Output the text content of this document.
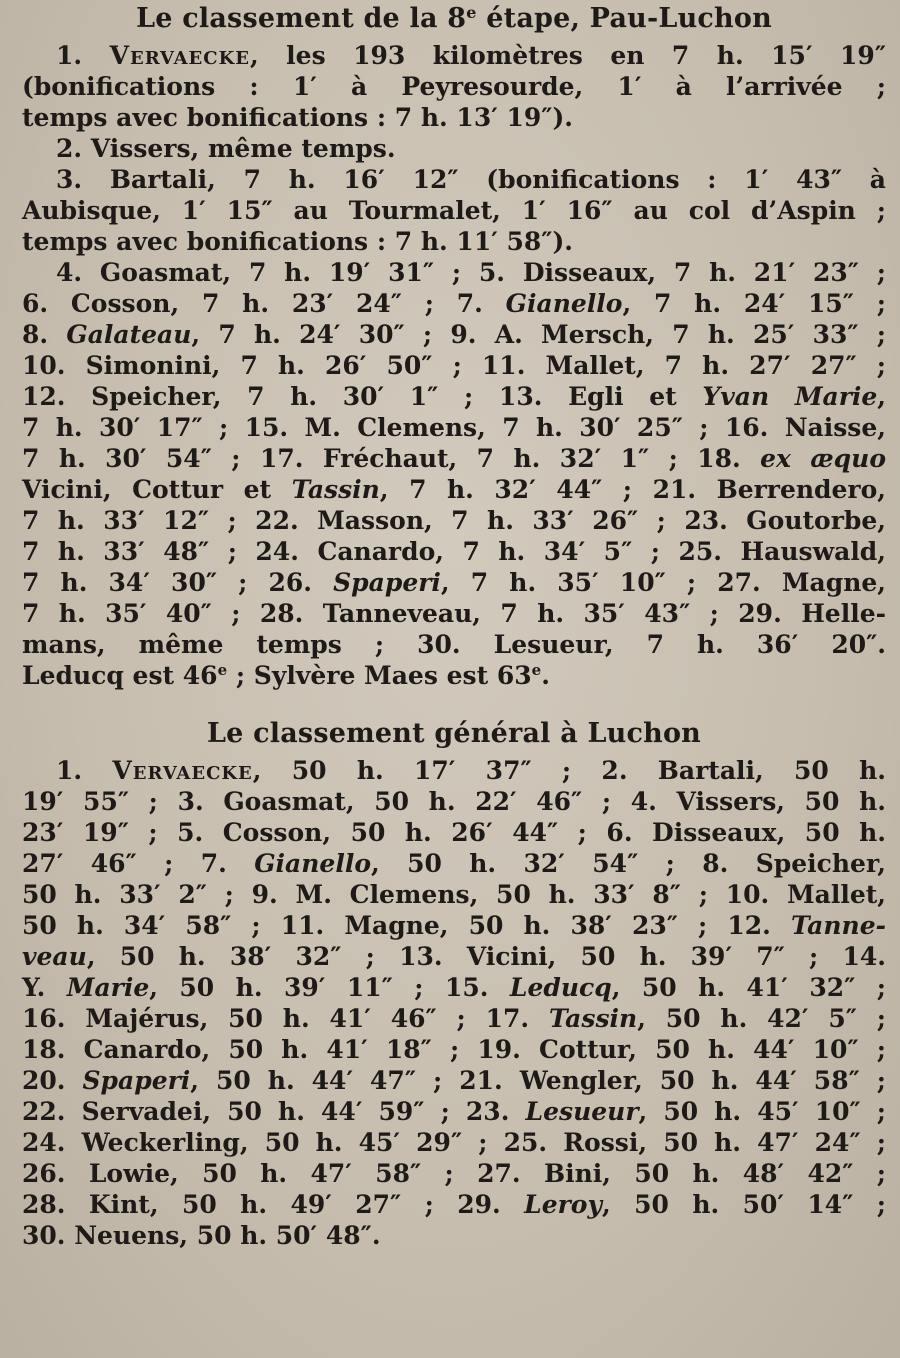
Le classement de la 8e étape, Pau-Luchon
1. Vervaecke, les 193 kilomètres en 7 h. 15′ 19″
(bonifications : 1′ à Peyresourde, 1′ à l’arrivée ;
temps avec bonifications : 7 h. 13′ 19″).
2. Vissers, même temps.
3. Bartali, 7 h. 16′ 12″ (bonifications : 1′ 43″ à
Aubisque, 1′ 15″ au Tourmalet, 1′ 16″ au col d’Aspin ;
temps avec bonifications : 7 h. 11′ 58″).
4. Goasmat, 7 h. 19′ 31″ ; 5. Disseaux, 7 h. 21′ 23″ ;
6. Cosson, 7 h. 23′ 24″ ; 7. Gianello, 7 h. 24′ 15″ ;
8. Galateau, 7 h. 24′ 30″ ; 9. A. Mersch, 7 h. 25′ 33″ ;
10. Simonini, 7 h. 26′ 50″ ; 11. Mallet, 7 h. 27′ 27″ ;
12. Speicher, 7 h. 30′ 1″ ; 13. Egli et Yvan Marie,
7 h. 30′ 17″ ; 15. M. Clemens, 7 h. 30′ 25″ ; 16. Naisse,
7 h. 30′ 54″ ; 17. Fréchaut, 7 h. 32′ 1″ ; 18. ex æquo
Vicini, Cottur et Tassin, 7 h. 32′ 44″ ; 21. Berrendero,
7 h. 33′ 12″ ; 22. Masson, 7 h. 33′ 26″ ; 23. Goutorbe,
7 h. 33′ 48″ ; 24. Canardo, 7 h. 34′ 5″ ; 25. Hauswald,
7 h. 34′ 30″ ; 26. Spaperi, 7 h. 35′ 10″ ; 27. Magne,
7 h. 35′ 40″ ; 28. Tanneveau, 7 h. 35′ 43″ ; 29. Helle-
mans, même temps ; 30. Lesueur, 7 h. 36′ 20″.
Leducq est 46e ; Sylvère Maes est 63e.
Le classement général à Luchon
1. Vervaecke, 50 h. 17′ 37″ ; 2. Bartali, 50 h.
19′ 55″ ; 3. Goasmat, 50 h. 22′ 46″ ; 4. Vissers, 50 h.
23′ 19″ ; 5. Cosson, 50 h. 26′ 44″ ; 6. Disseaux, 50 h.
27′ 46″ ; 7. Gianello, 50 h. 32′ 54″ ; 8. Speicher,
50 h. 33′ 2″ ; 9. M. Clemens, 50 h. 33′ 8″ ; 10. Mallet,
50 h. 34′ 58″ ; 11. Magne, 50 h. 38′ 23″ ; 12. Tanne-
veau, 50 h. 38′ 32″ ; 13. Vicini, 50 h. 39′ 7″ ; 14.
Y. Marie, 50 h. 39′ 11″ ; 15. Leducq, 50 h. 41′ 32″ ;
16. Majérus, 50 h. 41′ 46″ ; 17. Tassin, 50 h. 42′ 5″ ;
18. Canardo, 50 h. 41′ 18″ ; 19. Cottur, 50 h. 44′ 10″ ;
20. Spaperi, 50 h. 44′ 47″ ; 21. Wengler, 50 h. 44′ 58″ ;
22. Servadei, 50 h. 44′ 59″ ; 23. Lesueur, 50 h. 45′ 10″ ;
24. Weckerling, 50 h. 45′ 29″ ; 25. Rossi, 50 h. 47′ 24″ ;
26. Lowie, 50 h. 47′ 58″ ; 27. Bini, 50 h. 48′ 42″ ;
28. Kint, 50 h. 49′ 27″ ; 29. Leroy, 50 h. 50′ 14″ ;
30. Neuens, 50 h. 50′ 48″.
